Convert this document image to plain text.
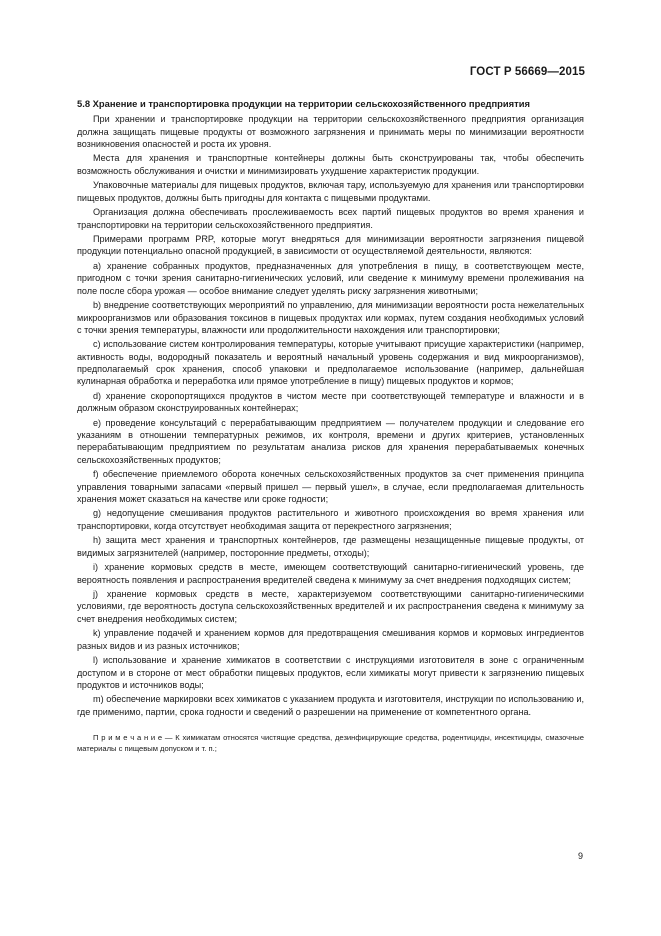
ГОСТ Р 56669—2015

5.8 Хранение и транспортировка продукции на территории сельскохозяйственного предприятия

При хранении и транспортировке продукции на территории сельскохозяйственного предприятия организация должна защищать пищевые продукты от возможного загрязнения и принимать меры по минимизации вероятности возникновения опасностей и роста их уровня.

Места для хранения и транспортные контейнеры должны быть сконструированы так, чтобы обеспечить возможность обслуживания и очистки и минимизировать ухудшение характеристик продукции.

Упаковочные материалы для пищевых продуктов, включая тару, используемую для хранения или транспортировки пищевых продуктов, должны быть пригодны для контакта с пищевыми продуктами.

Организация должна обеспечивать прослеживаемость всех партий пищевых продуктов во время хранения и транспортировки на территории сельскохозяйственного предприятия.

Примерами программ PRP, которые могут внедряться для минимизации вероятности загрязнения пищевой продукции потенциально опасной продукцией, в зависимости от осуществляемой деятельности, являются:

a) хранение собранных продуктов, предназначенных для употребления в пищу, в соответствующем месте, пригодном с точки зрения санитарно-гигиенических условий, или сведение к минимуму времени пролеживания на поле после сбора урожая — особое внимание следует уделять риску загрязнения животными;

b) внедрение соответствующих мероприятий по управлению, для минимизации вероятности роста нежелательных микроорганизмов или образования токсинов в пищевых продуктах или кормах, путем создания необходимых условий с точки зрения температуры, влажности или продолжительности нахождения или транспортировки;

c) использование систем контролирования температуры, которые учитывают присущие характеристики (например, активность воды, водородный показатель и вероятный начальный уровень содержания и вид микроорганизмов), предполагаемый срок хранения, способ упаковки и предполагаемое использование (например, дальнейшая кулинарная обработка и переработка или прямое употребление в пищу) пищевых продуктов и кормов;

d) хранение скоропортящихся продуктов в чистом месте при соответствующей температуре и влажности и в должным образом сконструированных контейнерах;

e) проведение консультаций с перерабатывающим предприятием — получателем продукции и следование его указаниям в отношении температурных режимов, их контроля, времени и других критериев, установленных перерабатывающим предприятием по результатам анализа рисков для хранения перерабатываемых конечных сельскохозяйственных продуктов;

f) обеспечение приемлемого оборота конечных сельскохозяйственных продуктов за счет применения принципа управления товарными запасами «первый пришел — первый ушел», в случае, если предполагаемая длительность хранения может сказаться на качестве или сроке годности;

g) недопущение смешивания продуктов растительного и животного происхождения во время хранения или транспортировки, когда отсутствует необходимая защита от перекрестного загрязнения;

h) защита мест хранения и транспортных контейнеров, где размещены незащищенные пищевые продукты, от видимых загрязнителей (например, посторонние предметы, отходы);

i) хранение кормовых средств в месте, имеющем соответствующий санитарно-гигиенический уровень, где вероятность появления и распространения вредителей сведена к минимуму за счет внедрения подходящих систем;

j) хранение кормовых средств в месте, характеризуемом соответствующими санитарно-гигиеническими условиями, где вероятность доступа сельскохозяйственных вредителей и их распространения сведена к минимуму за счет внедрения необходимых систем;

k) управление подачей и хранением кормов для предотвращения смешивания кормов и кормовых ингредиентов разных видов и из разных источников;

l) использование и хранение химикатов в соответствии с инструкциями изготовителя в зоне с ограниченным доступом и в стороне от мест обработки пищевых продуктов, если химикаты могут привести к загрязнению пищевых продуктов и источников воды;

m) обеспечение маркировки всех химикатов с указанием продукта и изготовителя, инструкции по использованию и, где применимо, партии, срока годности и сведений о разрешении на применение от компетентного органа.

П р и м е ч а н и е — К химикатам относятся чистящие средства, дезинфицирующие средства, родентициды, инсектициды, смазочные материалы с пищевым допуском и т. п.;

9
